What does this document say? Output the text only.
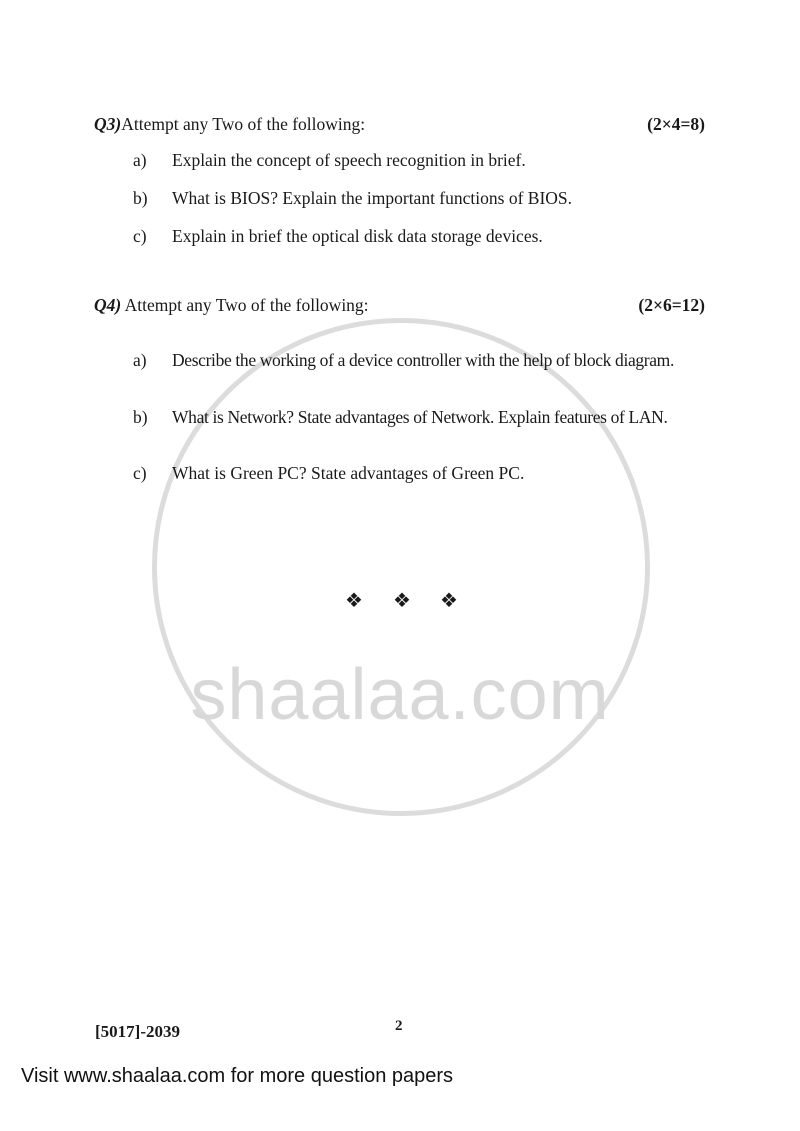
shaalaa.com
Q3)Attempt any Two of the following:	(2×4=8)
a) Explain the concept of speech recognition in brief.
b) What is BIOS? Explain the important functions of BIOS.
c) Explain in brief the optical disk data storage devices.
Q4) Attempt any Two of the following:	(2×6=12)
a) Describe the working of a device controller with the help of block diagram.
b) What is Network? State advantages of Network. Explain features of LAN.
c) What is Green PC? State advantages of Green PC.
❖ ❖ ❖
[5017]-2039	2
Visit www.shaalaa.com for more question papers
